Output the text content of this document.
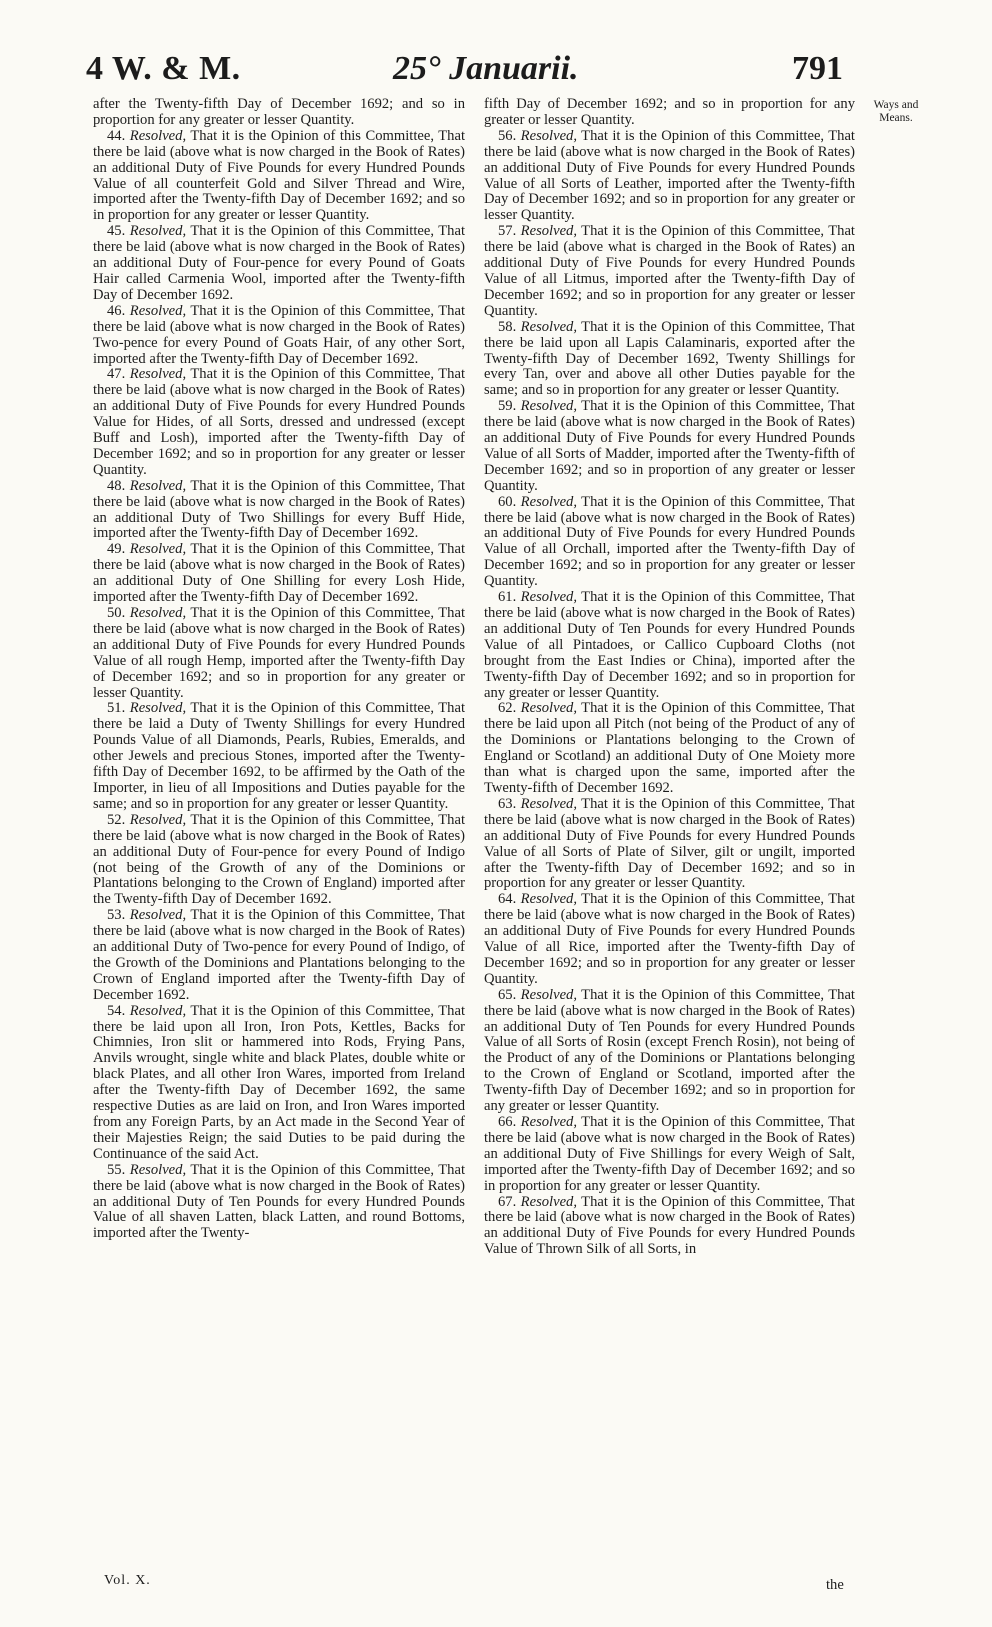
4 W. & M.	25° Januarii.	791
Ways and Means.

after the Twenty-fifth Day of December 1692; and so in proportion for any greater or lesser Quantity.

44. Resolved, That it is the Opinion of this Committee, That there be laid (above what is now charged in the Book of Rates) an additional Duty of Five Pounds for every Hundred Pounds Value of all counterfeit Gold and Silver Thread and Wire, imported after the Twenty-fifth Day of December 1692; and so in proportion for any greater or lesser Quantity.

45. Resolved, That it is the Opinion of this Committee, That there be laid (above what is now charged in the Book of Rates) an additional Duty of Four-pence for every Pound of Goats Hair called Carmenia Wool, imported after the Twenty-fifth Day of December 1692.

46. Resolved, That it is the Opinion of this Committee, That there be laid (above what is now charged in the Book of Rates) Two-pence for every Pound of Goats Hair, of any other Sort, imported after the Twenty-fifth Day of December 1692.

47. Resolved, That it is the Opinion of this Committee, That there be laid (above what is now charged in the Book of Rates) an additional Duty of Five Pounds for every Hundred Pounds Value for Hides, of all Sorts, dressed and undressed (except Buff and Losh), imported after the Twenty-fifth Day of December 1692; and so in proportion for any greater or lesser Quantity.

48. Resolved, That it is the Opinion of this Committee, That there be laid (above what is now charged in the Book of Rates) an additional Duty of Two Shillings for every Buff Hide, imported after the Twenty-fifth Day of December 1692.

49. Resolved, That it is the Opinion of this Committee, That there be laid (above what is now charged in the Book of Rates) an additional Duty of One Shilling for every Losh Hide, imported after the Twenty-fifth Day of December 1692.

50. Resolved, That it is the Opinion of this Committee, That there be laid (above what is now charged in the Book of Rates) an additional Duty of Five Pounds for every Hundred Pounds Value of all rough Hemp, imported after the Twenty-fifth Day of December 1692; and so in proportion for any greater or lesser Quantity.

51. Resolved, That it is the Opinion of this Committee, That there be laid a Duty of Twenty Shillings for every Hundred Pounds Value of all Diamonds, Pearls, Rubies, Emeralds, and other Jewels and precious Stones, imported after the Twenty-fifth Day of December 1692, to be affirmed by the Oath of the Importer, in lieu of all Impositions and Duties payable for the same; and so in proportion for any greater or lesser Quantity.

52. Resolved, That it is the Opinion of this Committee, That there be laid (above what is now charged in the Book of Rates) an additional Duty of Four-pence for every Pound of Indigo (not being of the Growth of any of the Dominions or Plantations belonging to the Crown of England) imported after the Twenty-fifth Day of December 1692.

53. Resolved, That it is the Opinion of this Committee, That there be laid (above what is now charged in the Book of Rates) an additional Duty of Two-pence for every Pound of Indigo, of the Growth of the Dominions and Plantations belonging to the Crown of England imported after the Twenty-fifth Day of December 1692.

54. Resolved, That it is the Opinion of this Committee, That there be laid upon all Iron, Iron Pots, Kettles, Backs for Chimnies, Iron slit or hammered into Rods, Frying Pans, Anvils wrought, single white and black Plates, double white or black Plates, and all other Iron Wares, imported from Ireland after the Twenty-fifth Day of December 1692, the same respective Duties as are laid on Iron, and Iron Wares imported from any Foreign Parts, by an Act made in the Second Year of their Majesties Reign; the said Duties to be paid during the Continuance of the said Act.

55. Resolved, That it is the Opinion of this Committee, That there be laid (above what is now charged in the Book of Rates) an additional Duty of Ten Pounds for every Hundred Pounds Value of all shaven Latten, black Latten, and round Bottoms, imported after the Twenty-

fifth Day of December 1692; and so in proportion for any greater or lesser Quantity.

56. Resolved, That it is the Opinion of this Committee, That there be laid (above what is now charged in the Book of Rates) an additional Duty of Five Pounds for every Hundred Pounds Value of all Sorts of Leather, imported after the Twenty-fifth Day of December 1692; and so in proportion for any greater or lesser Quantity.

57. Resolved, That it is the Opinion of this Committee, That there be laid (above what is charged in the Book of Rates) an additional Duty of Five Pounds for every Hundred Pounds Value of all Litmus, imported after the Twenty-fifth Day of December 1692; and so in proportion for any greater or lesser Quantity.

58. Resolved, That it is the Opinion of this Committee, That there be laid upon all Lapis Calaminaris, exported after the Twenty-fifth Day of December 1692, Twenty Shillings for every Tan, over and above all other Duties payable for the same; and so in proportion for any greater or lesser Quantity.

59. Resolved, That it is the Opinion of this Committee, That there be laid (above what is now charged in the Book of Rates) an additional Duty of Five Pounds for every Hundred Pounds Value of all Sorts of Madder, imported after the Twenty-fifth of December 1692; and so in proportion of any greater or lesser Quantity.

60. Resolved, That it is the Opinion of this Committee, That there be laid (above what is now charged in the Book of Rates) an additional Duty of Five Pounds for every Hundred Pounds Value of all Orchall, imported after the Twenty-fifth Day of December 1692; and so in proportion for any greater or lesser Quantity.

61. Resolved, That it is the Opinion of this Committee, That there be laid (above what is now charged in the Book of Rates) an additional Duty of Ten Pounds for every Hundred Pounds Value of all Pintadoes, or Callico Cupboard Cloths (not brought from the East Indies or China), imported after the Twenty-fifth Day of December 1692; and so in proportion for any greater or lesser Quantity.

62. Resolved, That it is the Opinion of this Committee, That there be laid upon all Pitch (not being of the Product of any of the Dominions or Plantations belonging to the Crown of England or Scotland) an additional Duty of One Moiety more than what is charged upon the same, imported after the Twenty-fifth of December 1692.

63. Resolved, That it is the Opinion of this Committee, That there be laid (above what is now charged in the Book of Rates) an additional Duty of Five Pounds for every Hundred Pounds Value of all Sorts of Plate of Silver, gilt or ungilt, imported after the Twenty-fifth Day of December 1692; and so in proportion for any greater or lesser Quantity.

64. Resolved, That it is the Opinion of this Committee, That there be laid (above what is now charged in the Book of Rates) an additional Duty of Five Pounds for every Hundred Pounds Value of all Rice, imported after the Twenty-fifth Day of December 1692; and so in proportion for any greater or lesser Quantity.

65. Resolved, That it is the Opinion of this Committee, That there be laid (above what is now charged in the Book of Rates) an additional Duty of Ten Pounds for every Hundred Pounds Value of all Sorts of Rosin (except French Rosin), not being of the Product of any of the Dominions or Plantations belonging to the Crown of England or Scotland, imported after the Twenty-fifth Day of December 1692; and so in proportion for any greater or lesser Quantity.

66. Resolved, That it is the Opinion of this Committee, That there be laid (above what is now charged in the Book of Rates) an additional Duty of Five Shillings for every Weigh of Salt, imported after the Twenty-fifth Day of December 1692; and so in proportion for any greater or lesser Quantity.

67. Resolved, That it is the Opinion of this Committee, That there be laid (above what is now charged in the Book of Rates) an additional Duty of Five Pounds for every Hundred Pounds Value of Thrown Silk of all Sorts, in

Vol. X.	the
